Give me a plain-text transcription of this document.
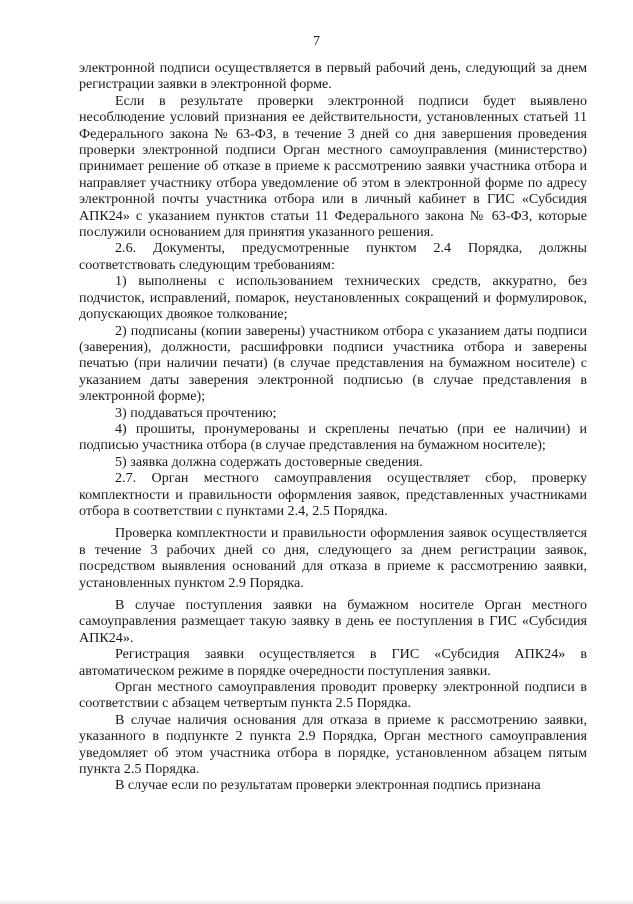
7

электронной подписи осуществляется в первый рабочий день, следующий за днем регистрации заявки в электронной форме.

Если в результате проверки электронной подписи будет выявлено несоблюдение условий признания ее действительности, установленных статьей 11 Федерального закона № 63-ФЗ, в течение 3 дней со дня завершения проведения проверки электронной подписи Орган местного самоуправления (министерство) принимает решение об отказе в приеме к рассмотрению заявки участника отбора и направляет участнику отбора уведомление об этом в электронной форме по адресу электронной почты участника отбора или в личный кабинет в ГИС «Субсидия АПК24» с указанием пунктов статьи 11 Федерального закона № 63-ФЗ, которые послужили основанием для принятия указанного решения.

2.6. Документы, предусмотренные пунктом 2.4 Порядка, должны соответствовать следующим требованиям:

1) выполнены с использованием технических средств, аккуратно, без подчисток, исправлений, помарок, неустановленных сокращений и формулировок, допускающих двоякое толкование;

2) подписаны (копии заверены) участником отбора с указанием даты подписи (заверения), должности, расшифровки подписи участника отбора и заверены печатью (при наличии печати) (в случае представления на бумажном носителе) с указанием даты заверения электронной подписью (в случае представления в электронной форме);

3) поддаваться прочтению;

4) прошиты, пронумерованы и скреплены печатью (при ее наличии) и подписью участника отбора (в случае представления на бумажном носителе);

5) заявка должна содержать достоверные сведения.

2.7. Орган местного самоуправления осуществляет сбор, проверку комплектности и правильности оформления заявок, представленных участниками отбора в соответствии с пунктами 2.4, 2.5 Порядка.

Проверка комплектности и правильности оформления заявок осуществляется в течение 3 рабочих дней со дня, следующего за днем регистрации заявок, посредством выявления оснований для отказа в приеме к рассмотрению заявки, установленных пунктом 2.9 Порядка.

В случае поступления заявки на бумажном носителе Орган местного самоуправления размещает такую заявку в день ее поступления в ГИС «Субсидия АПК24».

Регистрация заявки осуществляется в ГИС «Субсидия АПК24» в автоматическом режиме в порядке очередности поступления заявки.

Орган местного самоуправления проводит проверку электронной подписи в соответствии с абзацем четвертым пункта 2.5 Порядка.

В случае наличия основания для отказа в приеме к рассмотрению заявки, указанного в подпункте 2 пункта 2.9 Порядка, Орган местного самоуправления уведомляет об этом участника отбора в порядке, установленном абзацем пятым пункта 2.5 Порядка.

В случае если по результатам проверки электронная подпись признана
